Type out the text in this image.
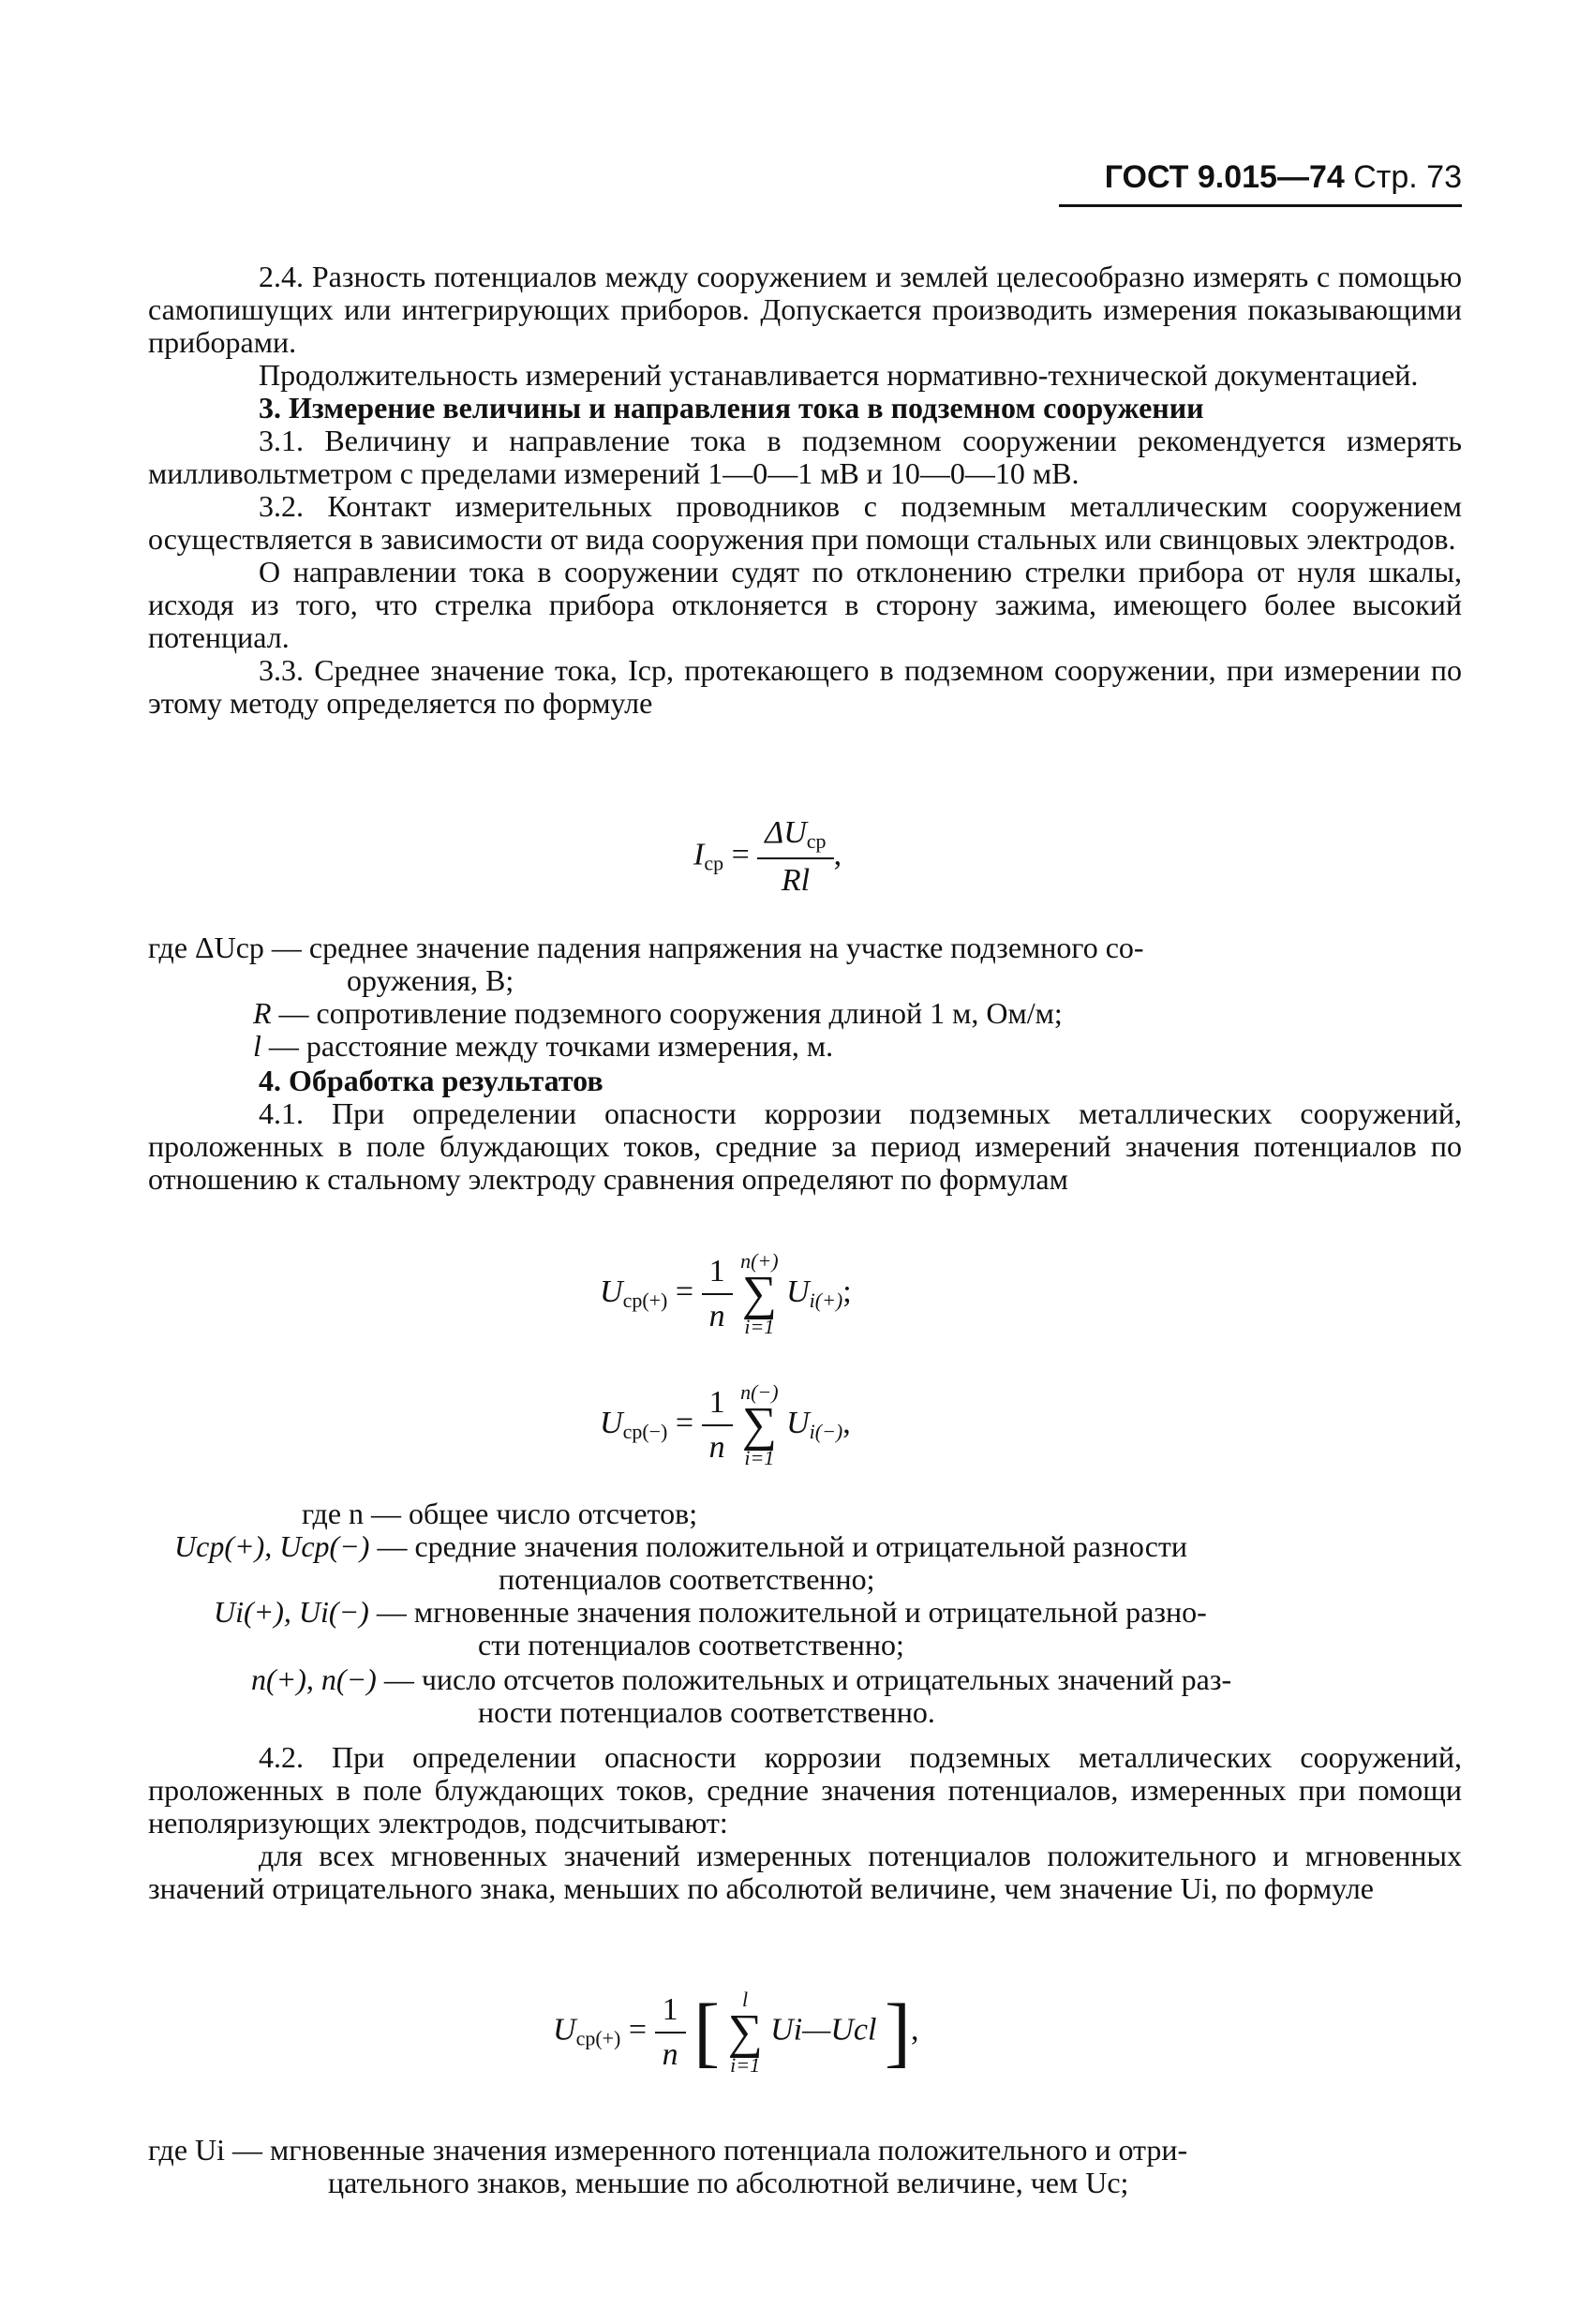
ГОСТ 9.015—74 Стр. 73

2.4. Разность потенциалов между сооружением и землей целесообразно измерять с помощью самопишущих или интегрирующих приборов. Допускается производить измерения показывающими приборами.

Продолжительность измерений устанавливается нормативно-технической документацией.

3. Измерение величины и направления тока в подземном сооружении

3.1. Величину и направление тока в подземном сооружении рекомендуется измерять милливольтметром с пределами измерений 1—0—1 мВ и 10—0—10 мВ.

3.2. Контакт измерительных проводников с подземным металлическим сооружением осуществляется в зависимости от вида сооружения при помощи стальных или свинцовых электродов.

О направлении тока в сооружении судят по отклонению стрелки прибора от нуля шкалы, исходя из того, что стрелка прибора отклоняется в сторону зажима, имеющего более высокий потенциал.

3.3. Среднее значение тока, Iср, протекающего в подземном сооружении, при измерении по этому методу определяется по формуле

$I_{ср} = \frac{\Delta U_{ср}}{Rl}$ ,
где ΔUср — среднее значение падения напряжения на участке подземного со-
оружения, В;
R — сопротивление подземного сооружения длиной 1 м, Ом/м;
l — расстояние между точками измерения, м.

4. Обработка результатов

4.1. При определении опасности коррозии подземных металлических сооружений, проложенных в поле блуждающих токов, средние за период измерений значения потенциалов по отношению к стальному электроду сравнения определяют по формулам

$U_{ср(+)} = \frac{1}{n}$
n(+)
∑
i=1
$U_{i(+)}$;
$U_{ср(-)} = \frac{1}{n}$
n(−)
∑
i=1
$U_{i(-)}$,
где n — общее число отсчетов;
Uср(+), Uср(−) — средние значения положительной и отрицательной разности
потенциалов соответственно;
Ui(+), Ui(−) — мгновенные значения положительной и отрицательной разно-
сти потенциалов соответственно;
n(+), n(−) — число отсчетов положительных и отрицательных значений раз-
ности потенциалов соответственно.

4.2. При определении опасности коррозии подземных металлических сооружений, проложенных в поле блуждающих токов, средние значения потенциалов, измеренных при помощи неполяризующих электродов, подсчитывают:

для всех мгновенных значений измеренных потенциалов положительного и мгновенных значений отрицательного знака, меньших по абсолютой величине, чем значение Ui, по формуле

$U_{ср(+)} = \frac{1}{n}$ [	l
∑
i=1
Ui—Ucl ],
где Ui — мгновенные значения измеренного потенциала положительного и отри-
цательного знаков, меньшие по абсолютной величине, чем Uc;
